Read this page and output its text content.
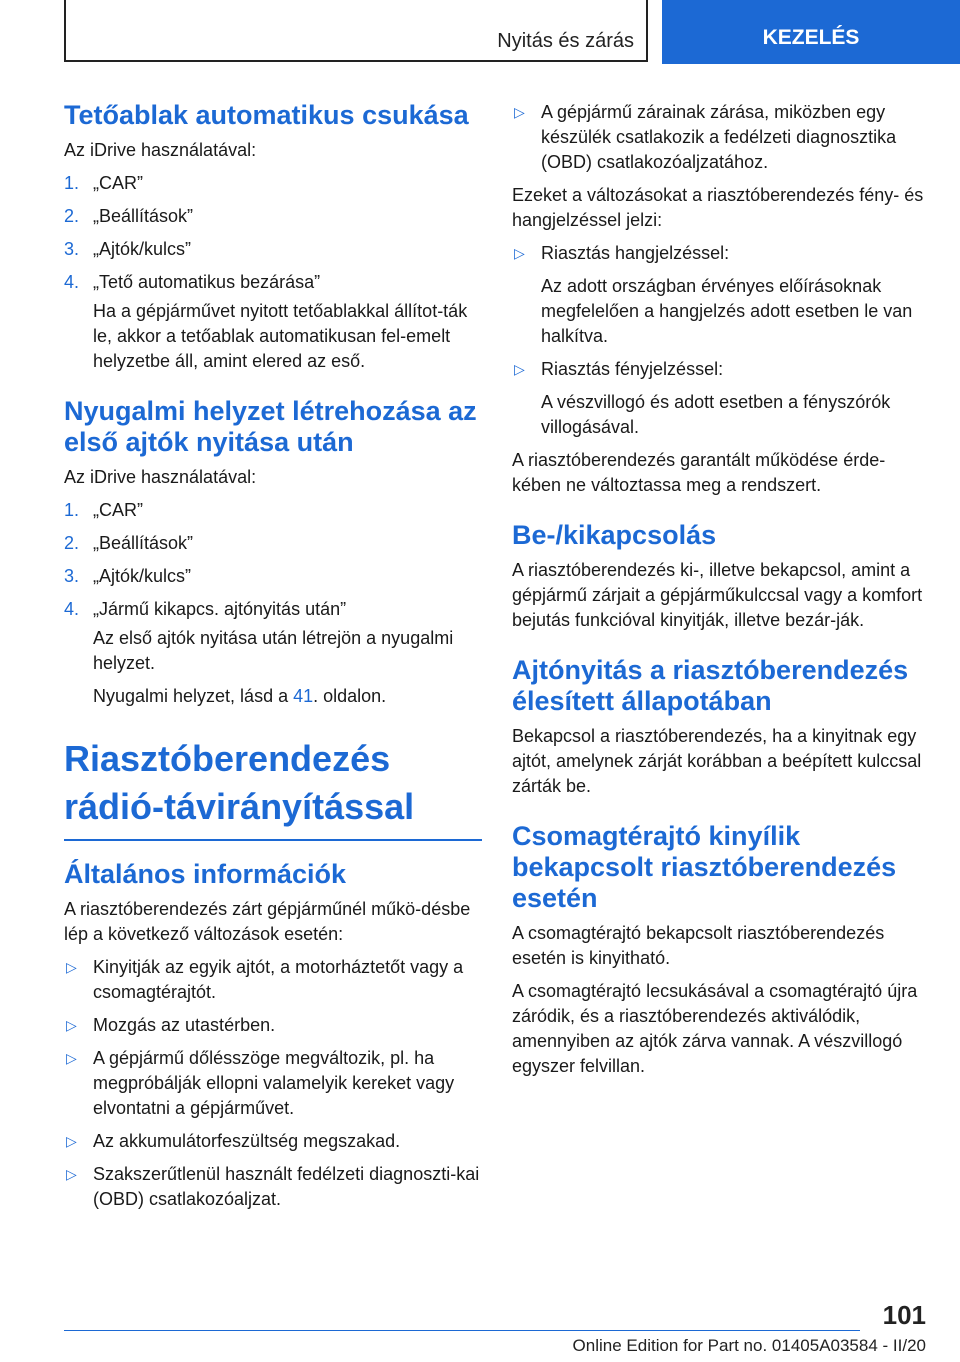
Nyitás és zárás	KEZELÉS
Tetőablak automatikus csukása
Az iDrive használatával:
1. „CAR”
2. „Beállítások”
3. „Ajtók/kulcs”
4. „Tető automatikus bezárása”
Ha a gépjárművet nyitott tetőablakkal állítot-ták le, akkor a tetőablak automatikusan fel-emelt helyzetbe áll, amint elered az eső.
Nyugalmi helyzet létrehozása az első ajtók nyitása után
Az iDrive használatával:
1. „CAR”
2. „Beállítások”
3. „Ajtók/kulcs”
4. „Jármű kikapcs. ajtónyitás után”
Az első ajtók nyitása után létrejön a nyugalmi helyzet.
Nyugalmi helyzet, lásd a 41. oldalon.
Riasztóberendezés rádió-távirányítással
Általános információk
A riasztóberendezés zárt gépjárműnél műkö-désbe lép a következő változások esetén:
▷ Kinyitják az egyik ajtót, a motorháztetőt vagy a csomagtérajtót.
▷ Mozgás az utastérben.
▷ A gépjármű dőlésszöge megváltozik, pl. ha megpróbálják ellopni valamelyik kereket vagy elvontatni a gépjárművet.
▷ Az akkumulátorfeszültség megszakad.
▷ Szakszerűtlenül használt fedélzeti diagnoszti-kai (OBD) csatlakozóaljzat.
▷ A gépjármű zárainak zárása, miközben egy készülék csatlakozik a fedélzeti diagnosztika (OBD) csatlakozóaljzatához.
Ezeket a változásokat a riasztóberendezés fény- és hangjelzéssel jelzi:
▷ Riasztás hangjelzéssel:
Az adott országban érvényes előírásoknak megfelelően a hangjelzés adott esetben le van halkítva.
▷ Riasztás fényjelzéssel:
A vészvillogó és adott esetben a fényszórók villogásával.
A riasztóberendezés garantált működése érde-kében ne változtassa meg a rendszert.
Be-/kikapcsolás
A riasztóberendezés ki-, illetve bekapcsol, amint a gépjármű zárjait a gépjárműkulccsal vagy a komfort bejutás funkcióval kinyitják, illetve bezár-ják.
Ajtónyitás a riasztóberendezés élesített állapotában
Bekapcsol a riasztóberendezés, ha a kinyitnak egy ajtót, amelynek zárját korábban a beépített kulccsal zárták be.
Csomagtérajtó kinyílik bekapcsolt riasztóberendezés esetén
A csomagtérajtó bekapcsolt riasztóberendezés esetén is kinyitható.
A csomagtérajtó lecsukásával a csomagtérajtó újra záródik, és a riasztóberendezés aktiválódik, amennyiben az ajtók zárva vannak. A vészvillogó egyszer felvillan.
101
Online Edition for Part no. 01405A03584 - II/20
